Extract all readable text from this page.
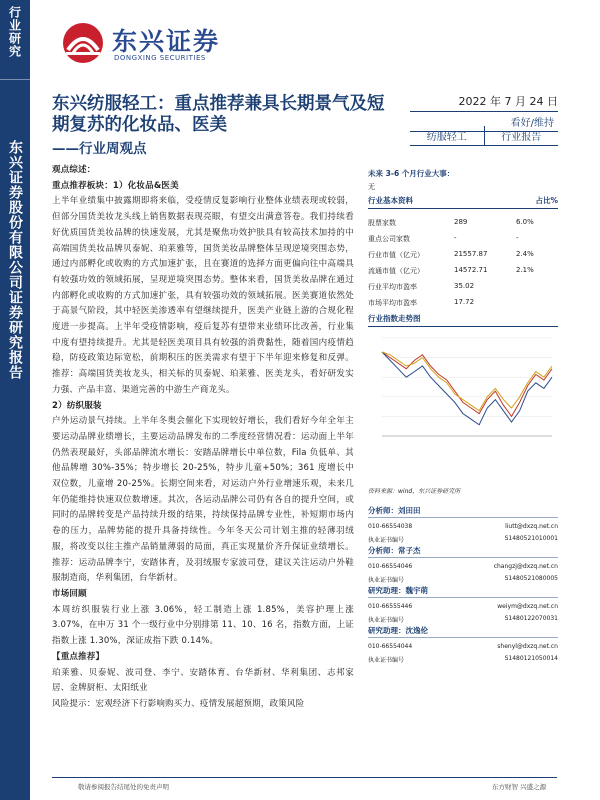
行业研究
东兴证券股份有限公司证券研究报告
东兴证券
DONGXING SECURITIES
东兴纺服轻工：重点推荐兼具长期景气及短期复苏的化妆品、医美
——行业周观点
2022 年 7 月 24 日
看好/维持
纺服轻工	行业报告

观点综述：

重点推荐板块：1）化妆品&医美

上半年业绩集中披露期即将来临，受疫情反复影响行业整体业绩表现或较弱，但部分国货美妆龙头线上销售数据表现亮眼，有望交出满意答卷。我们持续看好优质国货美妆品牌的快速发展，尤其是聚焦功效护肤具有较高技术加持的中高端国货美妆品牌贝泰妮、珀莱雅等，国货美妆品牌整体呈现逆境突围态势，通过内部孵化或收购的方式加速扩张，且在赛道的选择方面更偏向往中高端具有较强功效的领域拓展，呈现逆境突围态势。整体来看，国货美妆品牌在通过内部孵化或收购的方式加速扩张，具有较强功效的领域拓展。医美赛道依然处于高景气阶段，其中轻医美渗透率有望继续提升，医美产业链上游的合规化程度进一步提高。上半年受疫情影响，疫后复苏有望带来业绩环比改善，行业集中度有望持续提升。尤其是轻医美项目具有较强的消费黏性，随着国内疫情趋稳，防疫政策边际宽松，前期积压的医美需求有望于下半年迎来修复和反弹。推荐：高端国货美妆龙头，相关标的贝泰妮、珀莱雅、医美龙头，看好研发实力强、产品丰富、渠道完善的中游生产商龙头。

2）纺织服装

户外运动景气持续。上半年冬奥会催化下实现较好增长，我们看好今年全年主要运动品牌业绩增长，主要运动品牌发布的二季度经营情况看：运动面上半年仍然表现最好，头部品牌流水增长：安踏品牌增长中单位数，Fila 负低单、其他品牌增 30%-35%；特步增长 20-25%，特步儿童+50%；361 度增长中双位数，儿童增 20-25%。长期空间来看，对运动户外行业增速乐观，未来几年仍能维持快速双位数增速。其次，各运动品牌公司仍有各自的提升空间，或同时的品牌转变是产品持续升级的结果，持续保持品牌专业性，补短期市场内卷的压力，品牌势能的提升具备持续性。今年冬天公司计划主推的轻薄羽绒服，将改变以往主推产品销量薄弱的局面，真正实现量价齐升保证业绩增长。推荐：运动品牌李宁，安踏体育，及羽绒服专家波司登，建议关注运动户外鞋服制造商，华利集团，台华新材。

市场回顾

本周纺织服装行业上涨 3.06%，轻工制造上涨 1.85%，美容护理上涨 3.07%，在申万 31 个一级行业中分别排第 11、10、16 名，指数方面，上证指数上涨 1.30%，深证成指下跌 0.14%。

【重点推荐】

珀莱雅、贝泰妮、波司登、李宁、安踏体育、台华新材、华利集团、志邦家居、金牌厨柜、太阳纸业

风险提示：宏观经济下行影响购买力、疫情发展超预期，政策风险

未来 3-6 个月行业大事：
无
行业基本资料	占比%
股票家数	289	6.0%
重点公司家数	-	-
行业市值（亿元）	21557.87	2.4%
流通市值（亿元）	14572.71	2.1%
行业平均市盈率	35.02
市场平均市盈率	17.72
行业指数走势图
资料来源：wind、东兴证券研究所
分析师：刘田田
010-66554038	liutt@dxzq.net.cn
执业证书编号	S1480521010001
分析师：常子杰
010-66554046	changzj@dxzq.net.cn
执业证书编号	S1480521080005
研究助理：魏宇萌
010-66555446	weiym@dxzq.net.cn
执业证书编号	S1480122070031
研究助理：沈逸伦
010-66554044	shenyl@dxzq.net.cn
执业证书编号	S1480121050014
敬请参阅报告结尾处的免责声明	东方财智 兴盛之源
